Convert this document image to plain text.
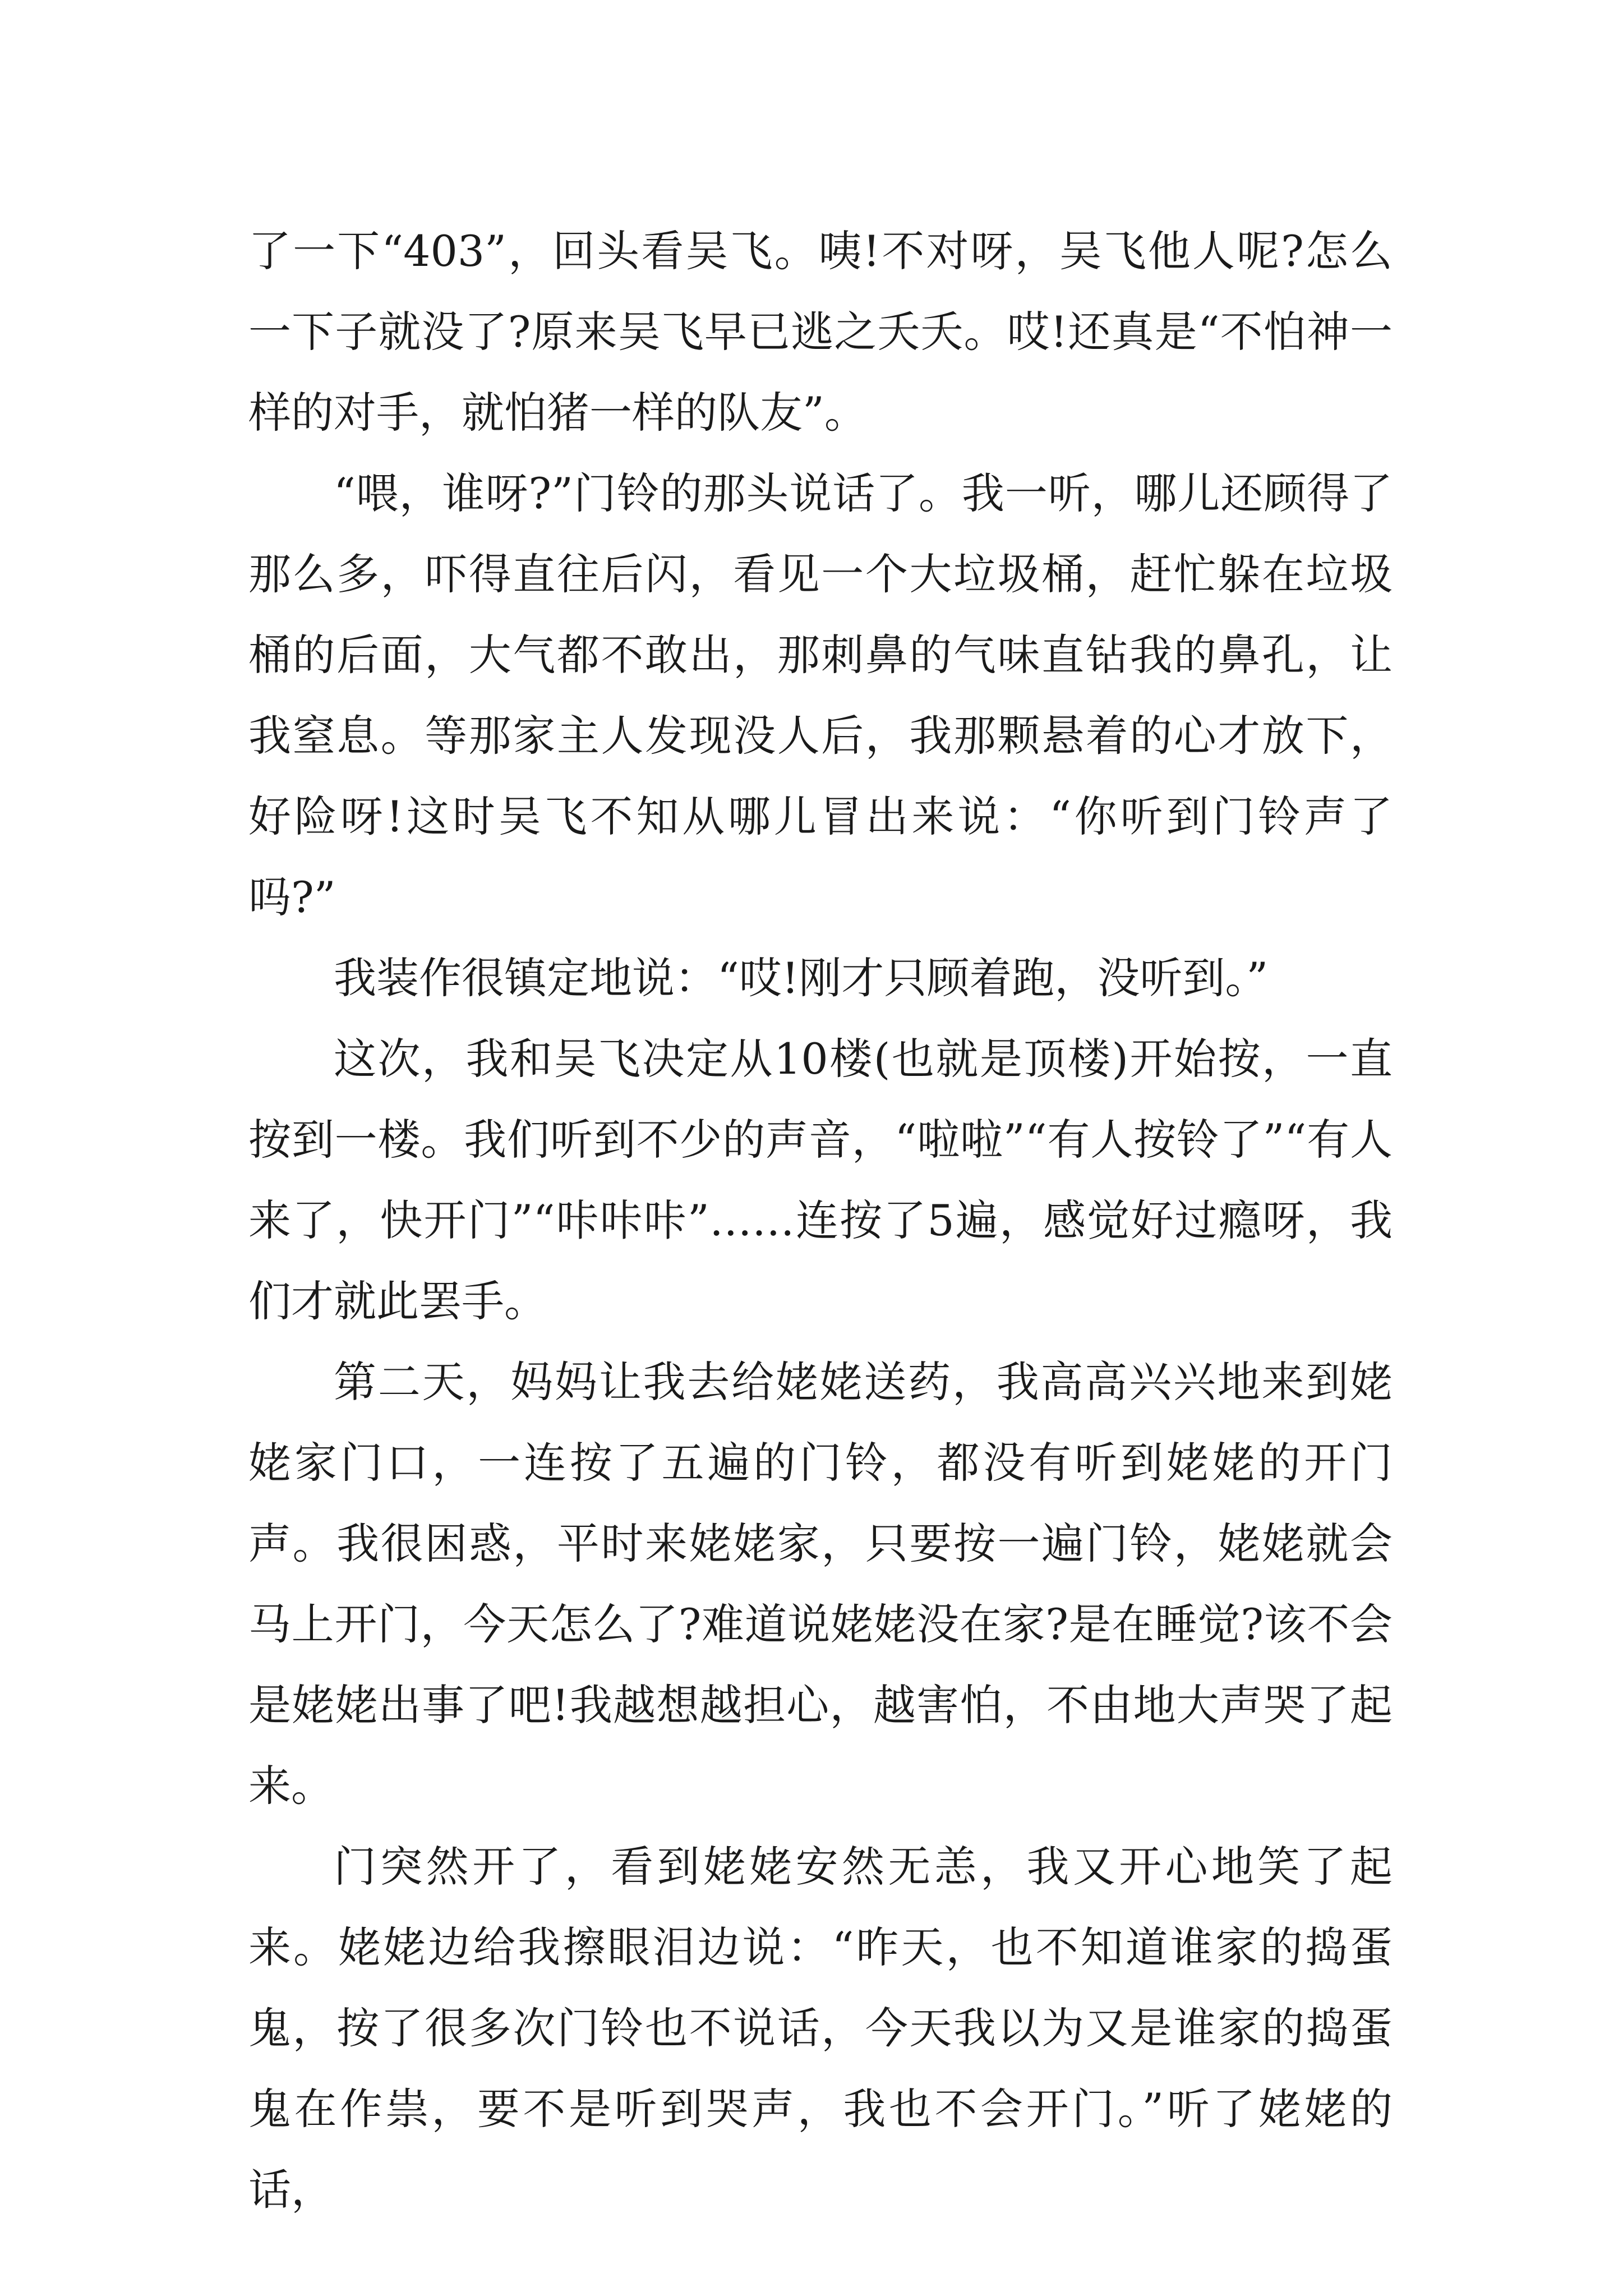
了一下“403”，回头看吴飞。咦!不对呀，吴飞他人呢?怎么一下子就没了?原来吴飞早已逃之夭夭。哎!还真是“不怕神一样的对手，就怕猪一样的队友”。

“喂，谁呀?”门铃的那头说话了。我一听，哪儿还顾得了那么多，吓得直往后闪，看见一个大垃圾桶，赶忙躲在垃圾桶的后面，大气都不敢出，那刺鼻的气味直钻我的鼻孔，让我窒息。等那家主人发现没人后，我那颗悬着的心才放下，好险呀!这时吴飞不知从哪儿冒出来说：“你听到门铃声了吗?”

我装作很镇定地说：“哎!刚才只顾着跑，没听到。”

这次，我和吴飞决定从10楼(也就是顶楼)开始按，一直按到一楼。我们听到不少的声音，“啦啦”“有人按铃了”“有人来了，快开门”“咔咔咔”……连按了5遍，感觉好过瘾呀，我们才就此罢手。

第二天，妈妈让我去给姥姥送药，我高高兴兴地来到姥姥家门口，一连按了五遍的门铃，都没有听到姥姥的开门声。我很困惑，平时来姥姥家，只要按一遍门铃，姥姥就会马上开门，今天怎么了?难道说姥姥没在家?是在睡觉?该不会是姥姥出事了吧!我越想越担心，越害怕，不由地大声哭了起来。

门突然开了，看到姥姥安然无恙，我又开心地笑了起来。姥姥边给我擦眼泪边说：“昨天，也不知道谁家的捣蛋鬼，按了很多次门铃也不说话，今天我以为又是谁家的捣蛋鬼在作祟，要不是听到哭声，我也不会开门。”听了姥姥的话，
